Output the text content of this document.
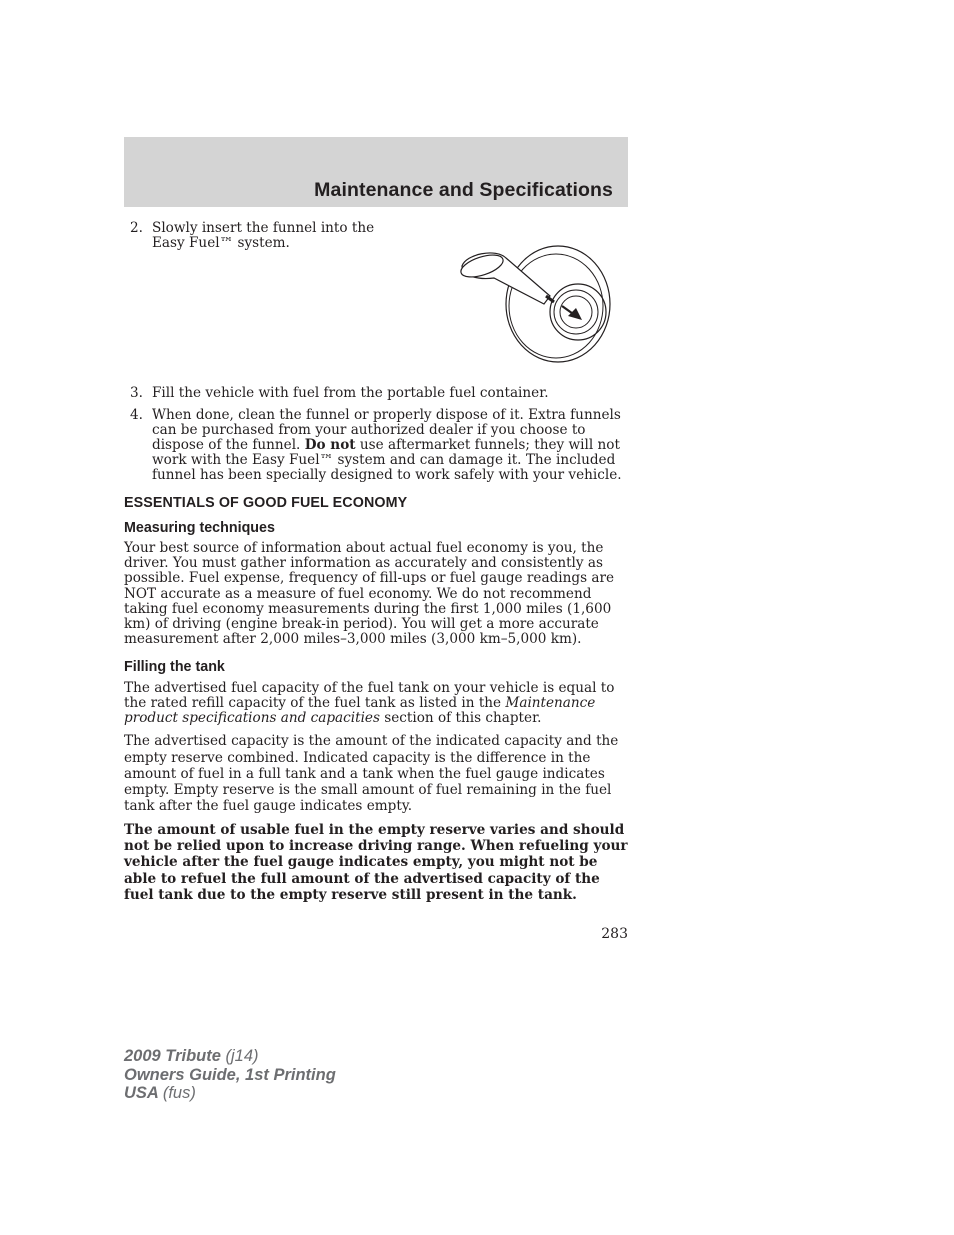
Maintenance and Specifications
2. Slowly insert the funnel into the Easy Fuel™ system.
3. Fill the vehicle with fuel from the portable fuel container.
4. When done, clean the funnel or properly dispose of it. Extra funnels can be purchased from your authorized dealer if you choose to dispose of the funnel. Do not use aftermarket funnels; they will not work with the Easy Fuel™ system and can damage it. The included funnel has been specially designed to work safely with your vehicle.
ESSENTIALS OF GOOD FUEL ECONOMY
Measuring techniques

Your best source of information about actual fuel economy is you, the driver. You must gather information as accurately and consistently as possible. Fuel expense, frequency of fill-ups or fuel gauge readings are NOT accurate as a measure of fuel economy. We do not recommend taking fuel economy measurements during the first 1,000 miles (1,600 km) of driving (engine break-in period). You will get a more accurate measurement after 2,000 miles–3,000 miles (3,000 km–5,000 km).

Filling the tank

The advertised fuel capacity of the fuel tank on your vehicle is equal to the rated refill capacity of the fuel tank as listed in the Maintenance product specifications and capacities section of this chapter.

The advertised capacity is the amount of the indicated capacity and the empty reserve combined. Indicated capacity is the difference in the amount of fuel in a full tank and a tank when the fuel gauge indicates empty. Empty reserve is the small amount of fuel remaining in the fuel tank after the fuel gauge indicates empty.

The amount of usable fuel in the empty reserve varies and should not be relied upon to increase driving range. When refueling your vehicle after the fuel gauge indicates empty, you might not be able to refuel the full amount of the advertised capacity of the fuel tank due to the empty reserve still present in the tank.

283
2009 Tribute (j14)
Owners Guide, 1st Printing
USA (fus)
